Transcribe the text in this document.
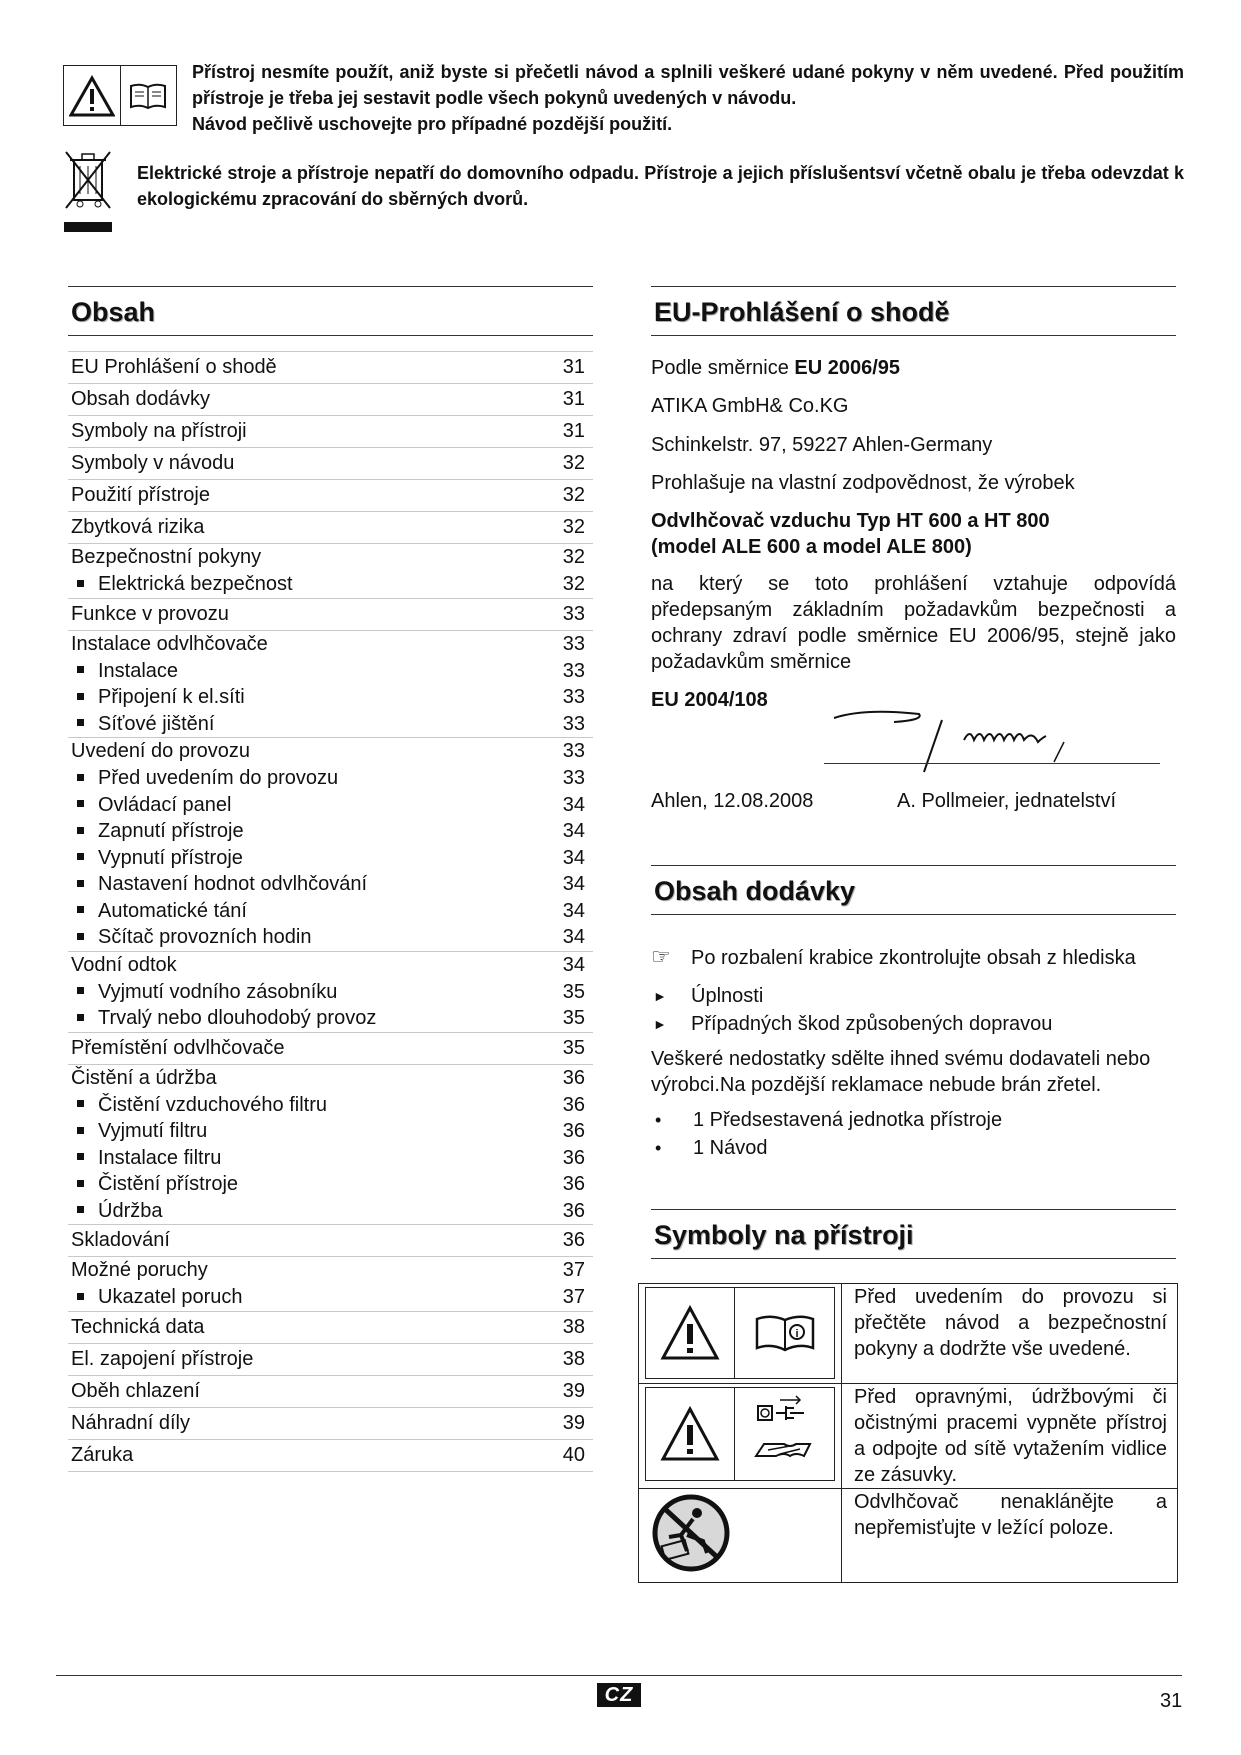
Přístroj nesmíte použít, aniž byste si přečetli návod a splnili veškeré udané pokyny v něm uvedené. Před použitím přístroje je třeba jej sestavit podle všech pokynů uvedených v návodu.

Návod pečlivě uschovejte pro případné pozdější použití.

Elektrické stroje a přístroje nepatří do domovního odpadu. Přístroje a jejich příslušentsví včetně obalu je třeba odevzdat k ekologickému zpracování do sběrných dvorů.
Obsah
EU Prohlášení o shodě	31
Obsah dodávky	31
Symboly na přístroji	31
Symboly v návodu	32
Použití přístroje	32
Zbytková rizika	32
Bezpečnostní pokyny	32
Elektrická bezpečnost	32
Funkce v provozu	33
Instalace odvlhčovače	33
Instalace	33
Připojení k el.síti	33
Síťové jištění	33
Uvedení do provozu	33
Před uvedením do provozu	33
Ovládací panel	34
Zapnutí přístroje	34
Vypnutí přístroje	34
Nastavení hodnot odvlhčování	34
Automatické tání	34
Sčítač provozních hodin	34
Vodní odtok	34
Vyjmutí vodního zásobníku	35
Trvalý nebo dlouhodobý provoz	35
Přemístění odvlhčovače	35
Čistění a údržba	36
Čistění vzduchového filtru	36
Vyjmutí filtru	36
Instalace filtru	36
Čistění přístroje	36
Údržba	36
Skladování	36
Možné poruchy	37
Ukazatel poruch	37
Technická data	38
El. zapojení přístroje	38
Oběh chlazení	39
Náhradní díly	39
Záruka	40
EU-Prohlášení o shodě

Podle směrnice EU 2006/95

ATIKA GmbH& Co.KG

Schinkelstr. 97, 59227 Ahlen-Germany

Prohlašuje na vlastní zodpovědnost, že výrobek

Odvlhčovač vzduchu Typ HT 600 a HT 800

(model ALE 600 a model ALE 800)

na který se toto prohlášení vztahuje odpovídá předepsaným základním požadavkům bezpečnosti a ochrany zdraví podle směrnice EU 2006/95, stejně jako požadavkům směrnice

EU 2004/108

Ahlen, 12.08.2008	A. Pollmeier, jednatelství
Obsah dodávky

☞ Po rozbalení krabice zkontrolujte obsah z hlediska

►	Úplnosti
►	Případných škod způsobených dopravou

Veškeré nedostatky sdělte ihned svému dodavateli nebo výrobci.Na pozdější reklamace nebude brán zřetel.

•	1 Předsestavená jednotka přístroje
•	1 Návod
Symboly na přístroji
i	Před uvedením do provozu si přečtěte návod a bezpečnostní pokyny a dodržte vše uvedené.

	Před opravnými, údržbovými či očistnými pracemi vypněte přístroj a odpojte od sítě vytažením vidlice ze zásuvky.

	Odvlhčovač nenaklánějte a nepřemisťujte v ležící poloze.
CZ	31
